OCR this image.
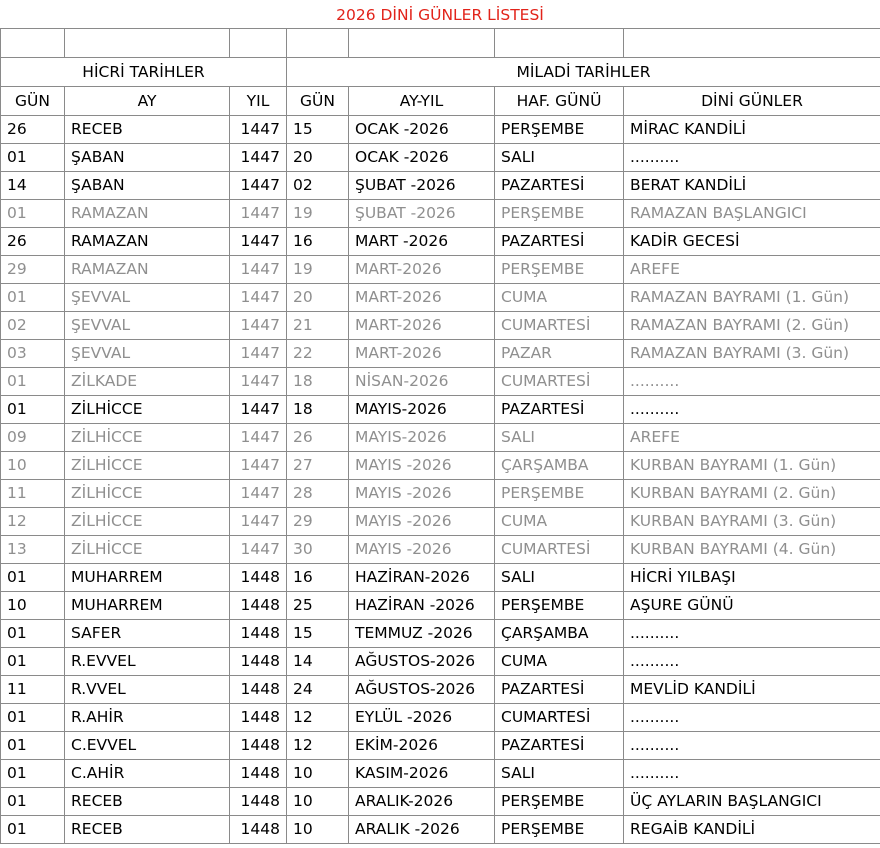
2026 DİNİ GÜNLER LİSTESİ

HİCRİ TARİHLER			MİLADİ TARİHLER			
GÜN	AY	YIL	GÜN	AY-YIL	HAF. GÜNÜ	DİNİ GÜNLER
26	RECEB	1447	15	OCAK -2026	PERŞEMBE	MİRAC KANDİLİ
01	ŞABAN	1447	20	OCAK -2026	SALI	..........
14	ŞABAN	1447	02	ŞUBAT -2026	PAZARTESİ	BERAT KANDİLİ
01	RAMAZAN	1447	19	ŞUBAT -2026	PERŞEMBE	RAMAZAN BAŞLANGICI
26	RAMAZAN	1447	16	MART -2026	PAZARTESİ	KADİR GECESİ
29	RAMAZAN	1447	19	MART-2026	PERŞEMBE	AREFE
01	ŞEVVAL	1447	20	MART-2026	CUMA	RAMAZAN BAYRAMI (1. Gün)
02	ŞEVVAL	1447	21	MART-2026	CUMARTESİ	RAMAZAN BAYRAMI (2. Gün)
03	ŞEVVAL	1447	22	MART-2026	PAZAR	RAMAZAN BAYRAMI (3. Gün)
01	ZİLKADE	1447	18	NİSAN-2026	CUMARTESİ	..........
01	ZİLHİCCE	1447	18	MAYIS-2026	PAZARTESİ	..........
09	ZİLHİCCE	1447	26	MAYIS-2026	SALI	AREFE
10	ZİLHİCCE	1447	27	MAYIS -2026	ÇARŞAMBA	KURBAN BAYRAMI (1. Gün)
11	ZİLHİCCE	1447	28	MAYIS -2026	PERŞEMBE	KURBAN BAYRAMI (2. Gün)
12	ZİLHİCCE	1447	29	MAYIS -2026	CUMA	KURBAN BAYRAMI (3. Gün)
13	ZİLHİCCE	1447	30	MAYIS -2026	CUMARTESİ	KURBAN BAYRAMI (4. Gün)
01	MUHARREM	1448	16	HAZİRAN-2026	SALI	HİCRİ YILBAŞI
10	MUHARREM	1448	25	HAZİRAN -2026	PERŞEMBE	AŞURE GÜNÜ
01	SAFER	1448	15	TEMMUZ -2026	ÇARŞAMBA	..........
01	R.EVVEL	1448	14	AĞUSTOS-2026	CUMA	..........
11	R.VVEL	1448	24	AĞUSTOS-2026	PAZARTESİ	MEVLİD KANDİLİ
01	R.AHİR	1448	12	EYLÜL -2026	CUMARTESİ	..........
01	C.EVVEL	1448	12	EKİM-2026	PAZARTESİ	..........
01	C.AHİR	1448	10	KASIM-2026	SALI	..........
01	RECEB	1448	10	ARALIK-2026	PERŞEMBE	ÜÇ AYLARIN BAŞLANGICI
01	RECEB	1448	10	ARALIK -2026	PERŞEMBE	REGAİB KANDİLİ
